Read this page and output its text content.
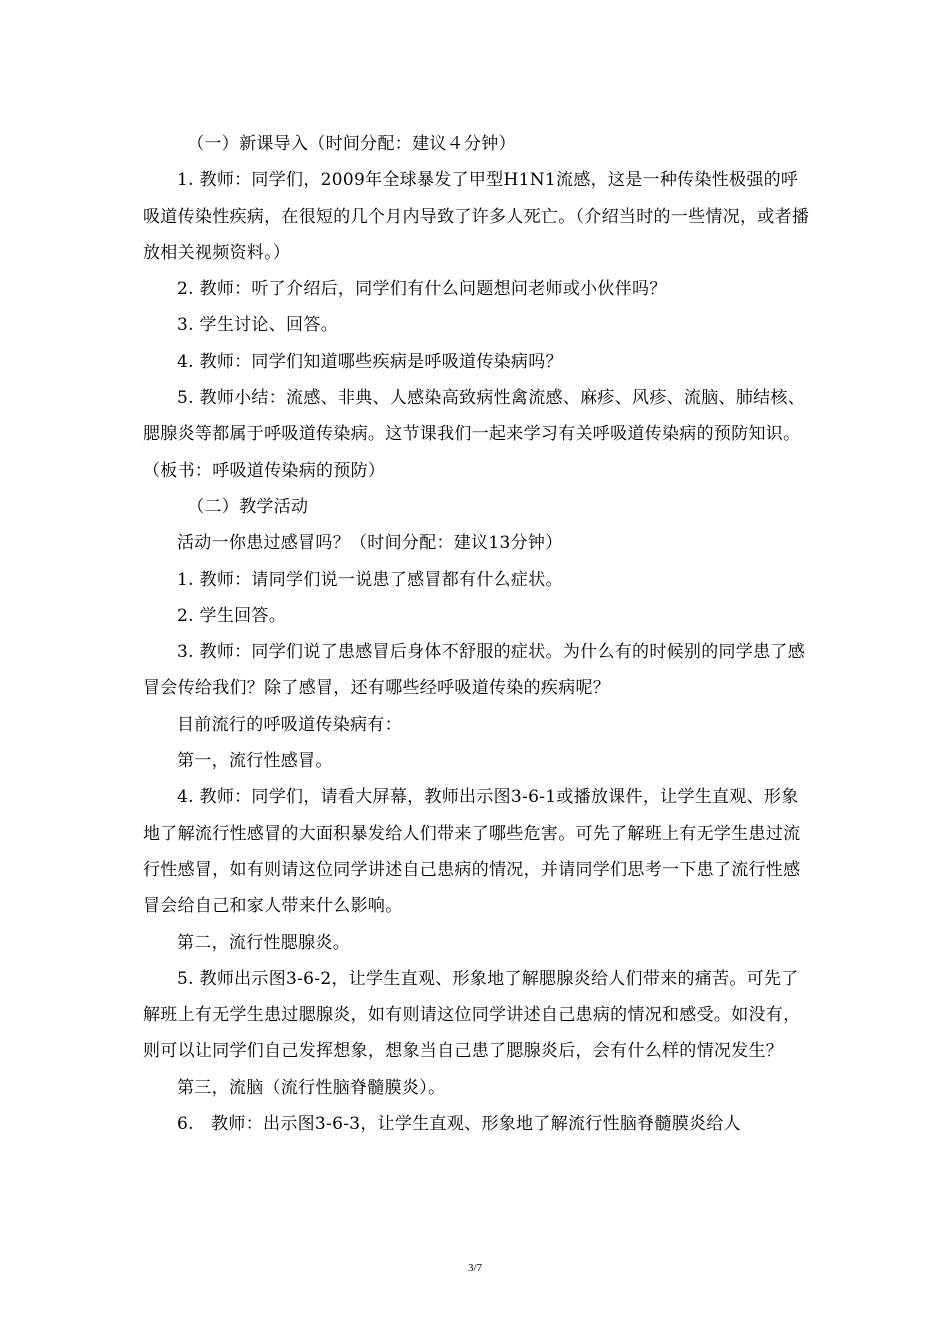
（一）新课导入（时间分配：建议４分钟）

1. 教师：同学们，2009年全球暴发了甲型H1N1流感，这是一种传染性极强的呼吸道传染性疾病，在很短的几个月内导致了许多人死亡。（介绍当时的一些情况，或者播放相关视频资料。）

2. 教师：听了介绍后，同学们有什么问题想问老师或小伙伴吗？

3. 学生讨论、回答。

4. 教师：同学们知道哪些疾病是呼吸道传染病吗？

5. 教师小结：流感、非典、人感染高致病性禽流感、麻疹、风疹、流脑、肺结核、腮腺炎等都属于呼吸道传染病。这节课我们一起来学习有关呼吸道传染病的预防知识。（板书：呼吸道传染病的预防）

（二）教学活动

活动一你患过感冒吗？（时间分配：建议13分钟）

1. 教师：请同学们说一说患了感冒都有什么症状。

2. 学生回答。

3. 教师：同学们说了患感冒后身体不舒服的症状。为什么有的时候别的同学患了感冒会传给我们？除了感冒，还有哪些经呼吸道传染的疾病呢？

目前流行的呼吸道传染病有：

第一，流行性感冒。

4. 教师：同学们，请看大屏幕，教师出示图3-6-1或播放课件，让学生直观、形象地了解流行性感冒的大面积暴发给人们带来了哪些危害。可先了解班上有无学生患过流行性感冒，如有则请这位同学讲述自己患病的情况，并请同学们思考一下患了流行性感冒会给自己和家人带来什么影响。

第二，流行性腮腺炎。

5. 教师出示图3-6-2，让学生直观、形象地了解腮腺炎给人们带来的痛苦。可先了解班上有无学生患过腮腺炎，如有则请这位同学讲述自己患病的情况和感受。如没有，则可以让同学们自己发挥想象，想象当自己患了腮腺炎后，会有什么样的情况发生？

第三，流脑（流行性脑脊髓膜炎）。

6.　教师：出示图3-6-3，让学生直观、形象地了解流行性脑脊髓膜炎给人

3/7
